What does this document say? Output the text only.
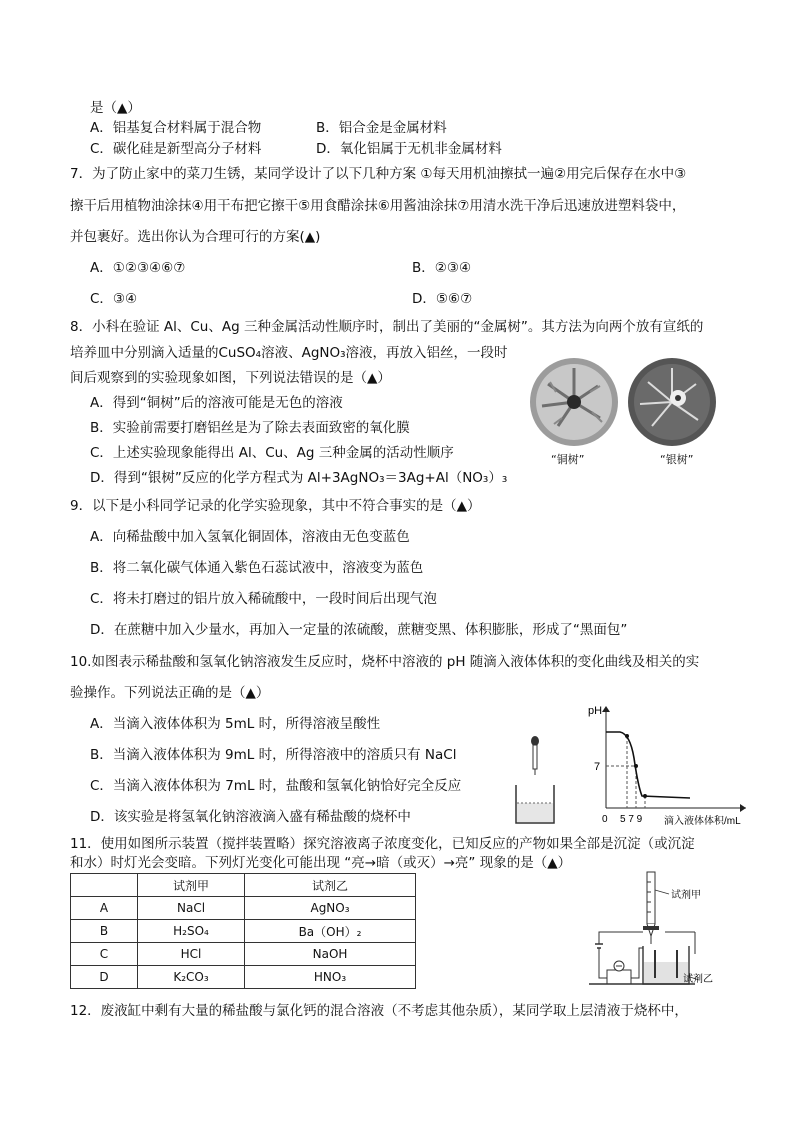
是（▲）
A．铝基复合材料属于混合物	B．铝合金是金属材料
C．碳化硅是新型高分子材料	D．氧化铝属于无机非金属材料
7．为了防止家中的菜刀生锈，某同学设计了以下几种方案 ①每天用机油擦拭一遍②用完后保存在水中③
擦干后用植物油涂抹④用干布把它擦干⑤用食醋涂抹⑥用酱油涂抹⑦用清水洗干净后迅速放进塑料袋中，
并包裹好。选出你认为合理可行的方案(▲)
A．①②③④⑥⑦	B．②③④
C．③④	D．⑤⑥⑦
8．小科在验证 Al、Cu、Ag 三种金属活动性顺序时，制出了美丽的“金属树”。其方法为向两个放有宣纸的
培养皿中分别滴入适量的CuSO₄溶液、AgNO₃溶液，再放入铝丝，一段时
间后观察到的实验现象如图，下列说法错误的是（▲）
A．得到“铜树”后的溶液可能是无色的溶液
B．实验前需要打磨铝丝是为了除去表面致密的氧化膜
C．上述实验现象能得出 Al、Cu、Ag 三种金属的活动性顺序
D．得到“银树”反应的化学方程式为 Al+3AgNO₃＝3Ag+Al（NO₃）₃
“铜树”	“银树”
9．以下是小科同学记录的化学实验现象，其中不符合事实的是（▲）
A．向稀盐酸中加入氢氧化铜固体，溶液由无色变蓝色
B．将二氧化碳气体通入紫色石蕊试液中，溶液变为蓝色
C．将未打磨过的铝片放入稀硫酸中，一段时间后出现气泡
D．在蔗糖中加入少量水，再加入一定量的浓硫酸，蔗糖变黑、体积膨胀，形成了“黑面包”
10.如图表示稀盐酸和氢氧化钠溶液发生反应时，烧杯中溶液的 pH 随滴入液体体积的变化曲线及相关的实
验操作。下列说法正确的是（▲）
A．当滴入液体体积为 5mL 时，所得溶液呈酸性
B．当滴入液体体积为 9mL 时，所得溶液中的溶质只有 NaCl
C．当滴入液体体积为 7mL 时，盐酸和氢氧化钠恰好完全反应
D．该实验是将氢氧化钠溶液滴入盛有稀盐酸的烧杯中
pH
7
0 5 7 9 滴入液体体积/mL
11．使用如图所示装置（搅拌装置略）探究溶液离子浓度变化，已知反应的产物如果全部是沉淀（或沉淀
和水）时灯光会变暗。下列灯光变化可能出现 “亮→暗（或灭）→亮” 现象的是（▲）
	试剂甲	试剂乙
A	NaCl	AgNO₃
B	H₂SO₄	Ba（OH）₂
C	HCl	NaOH
D	K₂CO₃	HNO₃
试剂甲
试剂乙
12．废液缸中剩有大量的稀盐酸与氯化钙的混合溶液（不考虑其他杂质），某同学取上层清液于烧杯中，
